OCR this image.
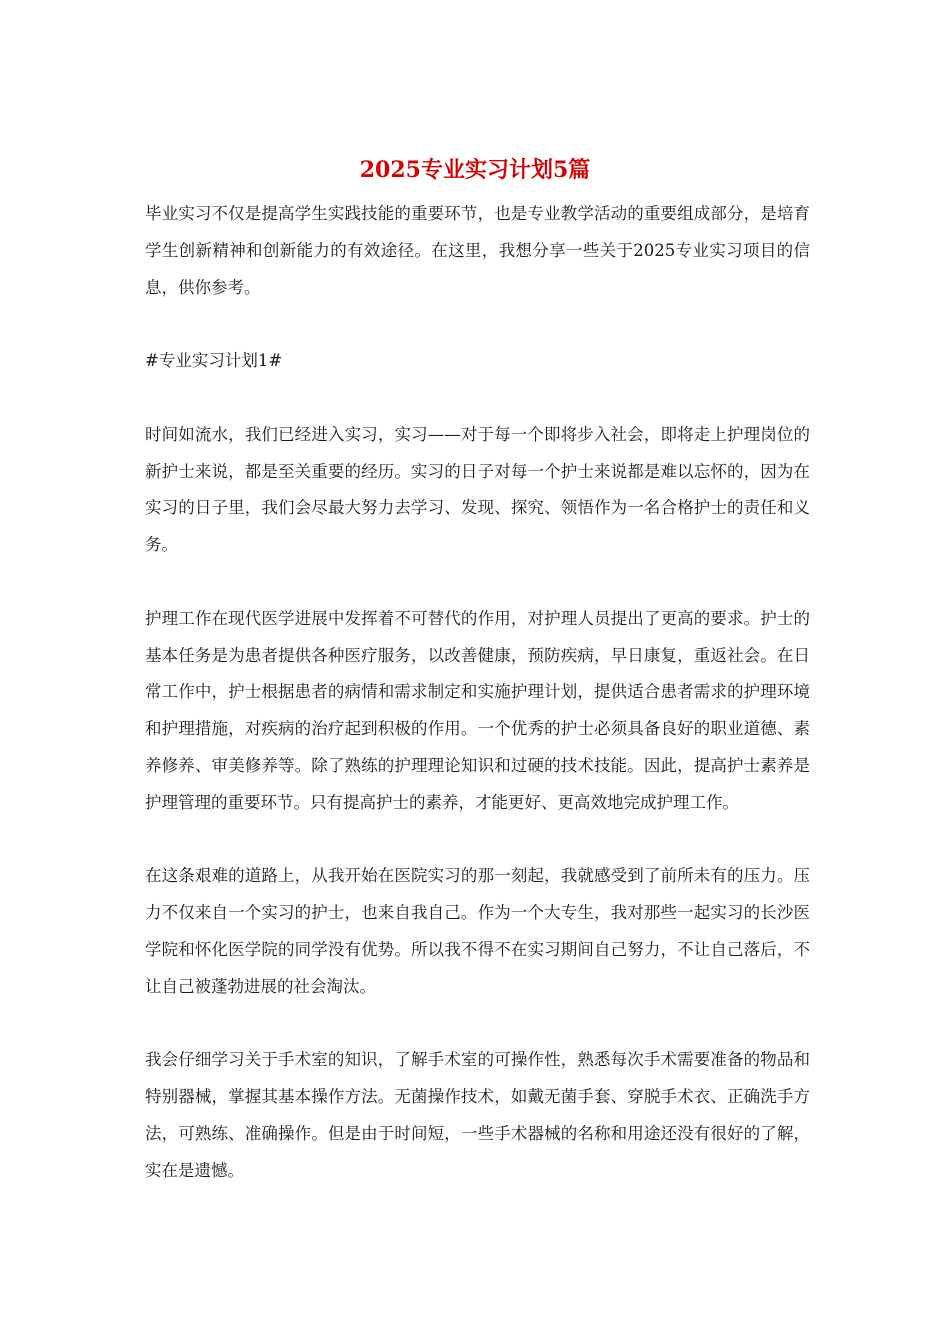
2025专业实习计划5篇

毕业实习不仅是提高学生实践技能的重要环节，也是专业教学活动的重要组成部分，是培育学生创新精神和创新能力的有效途径。在这里，我想分享一些关于2025专业实习项目的信息，供你参考。

#专业实习计划1#

时间如流水，我们已经进入实习，实习——对于每一个即将步入社会，即将走上护理岗位的新护士来说，都是至关重要的经历。实习的日子对每一个护士来说都是难以忘怀的，因为在实习的日子里，我们会尽最大努力去学习、发现、探究、领悟作为一名合格护士的责任和义务。

护理工作在现代医学进展中发挥着不可替代的作用，对护理人员提出了更高的要求。护士的基本任务是为患者提供各种医疗服务，以改善健康，预防疾病，早日康复，重返社会。在日常工作中，护士根据患者的病情和需求制定和实施护理计划，提供适合患者需求的护理环境和护理措施，对疾病的治疗起到积极的作用。一个优秀的护士必须具备良好的职业道德、素养修养、审美修养等。除了熟练的护理理论知识和过硬的技术技能。因此，提高护士素养是护理管理的重要环节。只有提高护士的素养，才能更好、更高效地完成护理工作。

在这条艰难的道路上，从我开始在医院实习的那一刻起，我就感受到了前所未有的压力。压力不仅来自一个实习的护士，也来自我自己。作为一个大专生，我对那些一起实习的长沙医学院和怀化医学院的同学没有优势。所以我不得不在实习期间自己努力，不让自己落后，不让自己被蓬勃进展的社会淘汰。

我会仔细学习关于手术室的知识，了解手术室的可操作性，熟悉每次手术需要准备的物品和特别器械，掌握其基本操作方法。无菌操作技术，如戴无菌手套、穿脱手术衣、正确洗手方法，可熟练、准确操作。但是由于时间短，一些手术器械的名称和用途还没有很好的了解，实在是遗憾。
